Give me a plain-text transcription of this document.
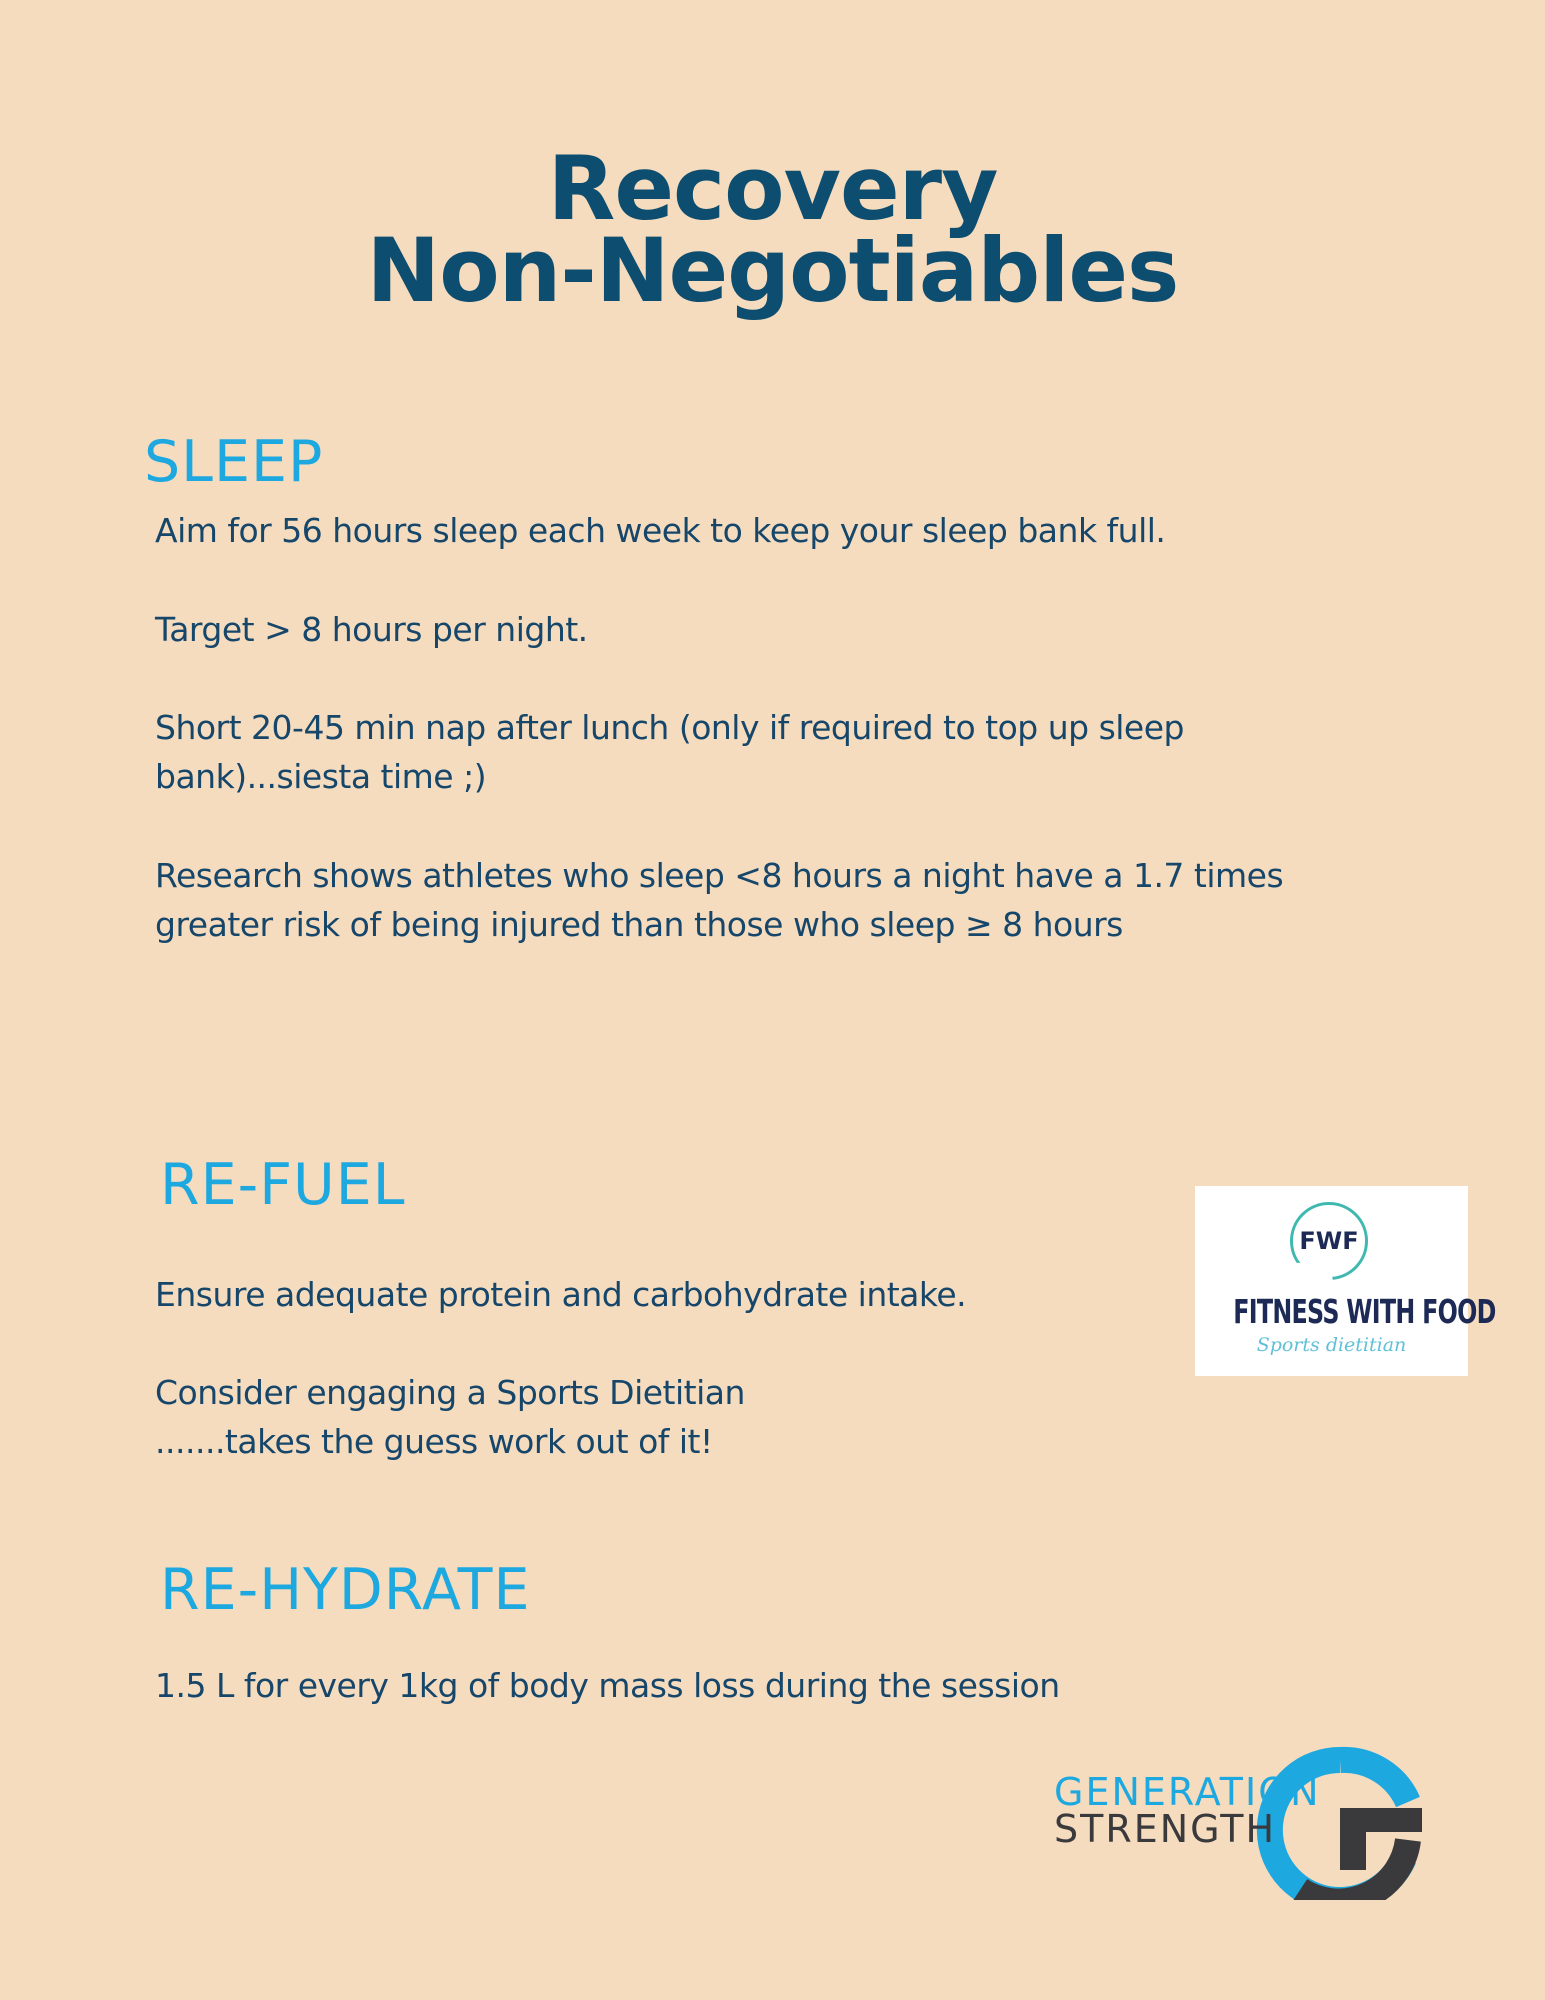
Recovery
Non-Negotiables
SLEEP
Aim for 56 hours sleep each week to keep your sleep bank full.
Target > 8 hours per night.
Short 20-45 min nap after lunch (only if required to top up sleep
bank)...siesta time ;)
Research shows athletes who sleep <8 hours a night have a 1.7 times
greater risk of being injured than those who sleep ≥ 8 hours
RE-FUEL
Ensure adequate protein and carbohydrate intake.
Consider engaging a Sports Dietitian
.......takes the guess work out of it!
FWF
FITNESS WITH FOOD
Sports dietitian
RE-HYDRATE
1.5 L for every 1kg of body mass loss during the session
GENERATION
STRENGTH
